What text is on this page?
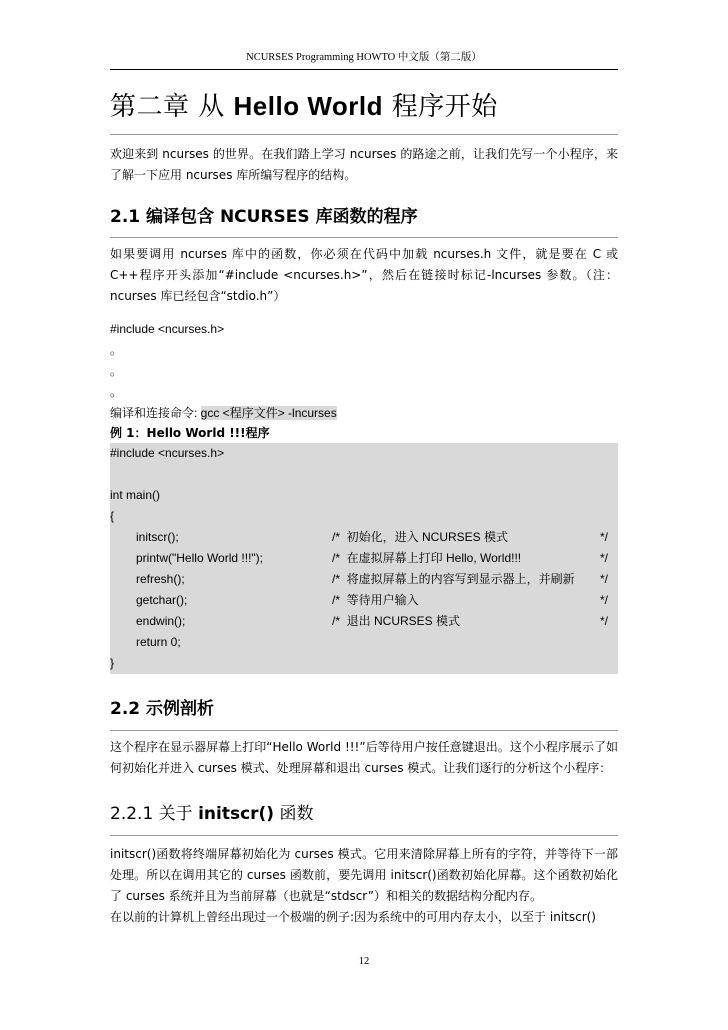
NCURSES Programming HOWTO 中文版（第二版）
第二章 从 Hello World 程序开始

欢迎来到 ncurses 的世界。在我们踏上学习 ncurses 的路途之前，让我们先写一个小程序，来了解一下应用 ncurses 库所编写程序的结构。

2.1 编译包含 NCURSES 库函数的程序

如果要调用 ncurses 库中的函数，你必须在代码中加载 ncurses.h 文件，就是要在 C 或 C++程序开头添加“#include <ncurses.h>”，然后在链接时标记-lncurses 参数。（注：ncurses 库已经包含“stdio.h”）

#include <ncurses.h>
。
。
。
编译和连接命令: gcc <程序文件> -lncurses
例 1：Hello World !!!程序
#include <ncurses.h>
int main()
{
initscr();	/*  初始化，进入 NCURSES 模式	*/
printw("Hello World !!!");	/*  在虚拟屏幕上打印 Hello, World!!!	*/
refresh();	/*  将虚拟屏幕上的内容写到显示器上，并刷新	*/
getchar();	/*  等待用户输入	*/
endwin();	/*  退出 NCURSES 模式	*/
return 0;
}
2.2 示例剖析

这个程序在显示器屏幕上打印“Hello World !!!”后等待用户按任意键退出。这个小程序展示了如何初始化并进入 curses 模式、处理屏幕和退出 curses 模式。让我们逐行的分析这个小程序：

2.2.1 关于 initscr() 函数

initscr()函数将终端屏幕初始化为 curses 模式。它用来清除屏幕上所有的字符，并等待下一部处理。所以在调用其它的 curses 函数前，要先调用 initscr()函数初始化屏幕。这个函数初始化了 curses 系统并且为当前屏幕（也就是“stdscr”）和相关的数据结构分配内存。

在以前的计算机上曾经出现过一个极端的例子:因为系统中的可用内存太小，以至于 initscr()

12
